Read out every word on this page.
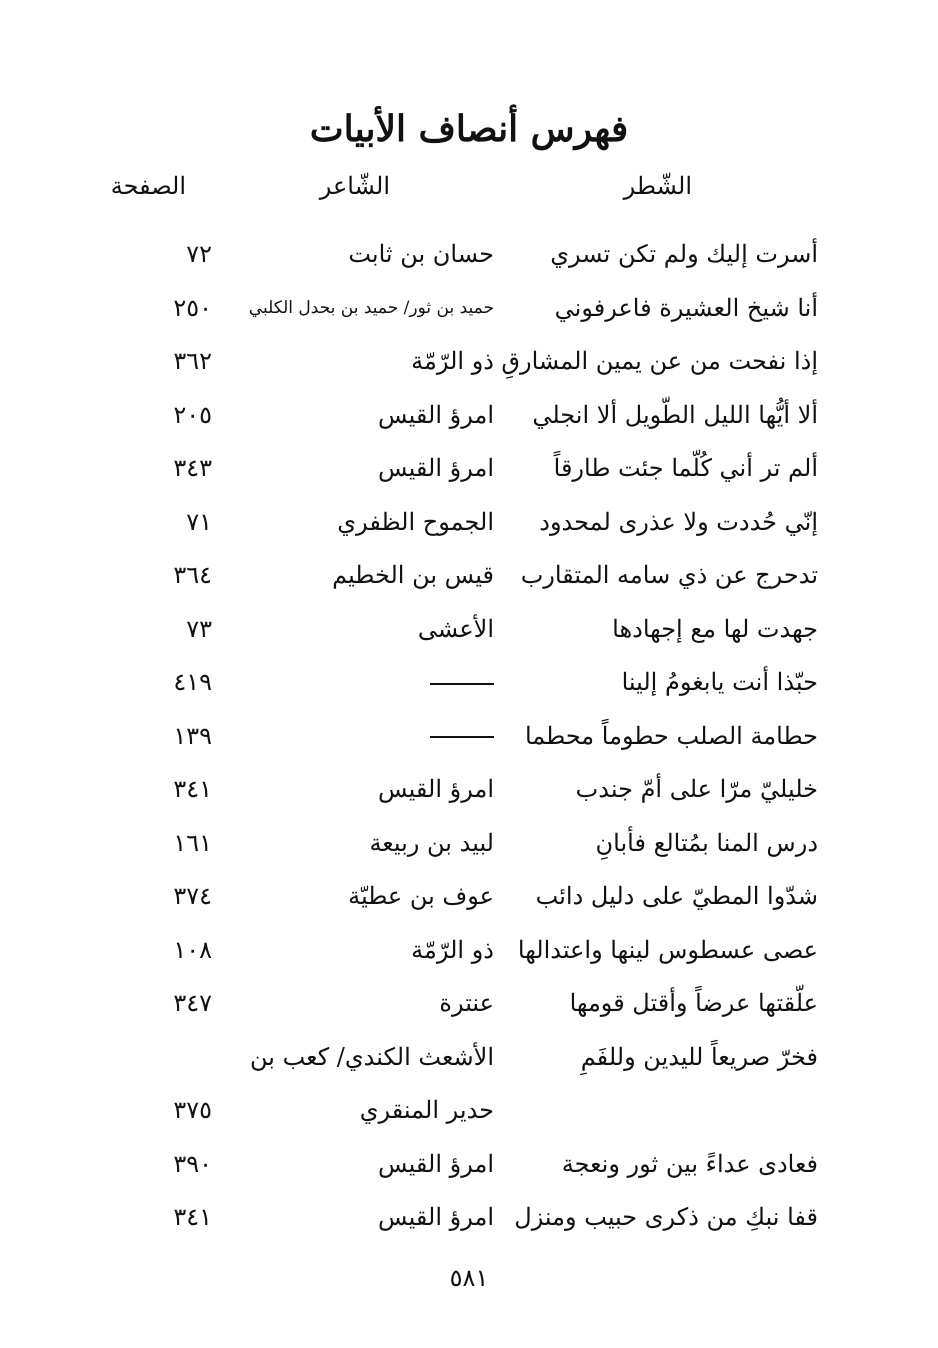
فهرس أنصاف الأبيات
الشّطر
الشّاعر
الصفحة
أسرت إليك ولم تكن تسري
حسان بن ثابت
٧٢
أنا شيخ العشيرة فاعرفوني
حميد بن ثور/ حميد بن بحدل الكلبي
٢٥٠
إذا نفحت من عن يمين المشارقِ
ذو الرّمّة
٣٦٢
ألا أيُّها الليل الطّويل ألا انجلي
امرؤ القيس
٢٠٥
ألم تر أني كُلّما جئت طارقاً
امرؤ القيس
٣٤٣
إنّي حُددت ولا عذرى لمحدود
الجموح الظفري
٧١
تدحرج عن ذي سامه المتقارب
قيس بن الخطيم
٣٦٤
جهدت لها مع إجهادها
الأعشى
٧٣
حبّذا أنت يابغومُ إلينا
٤١٩
حطامة الصلب حطوماً محطما
١٣٩
خليليّ مرّا على أمّ جندب
امرؤ القيس
٣٤١
درس المنا بمُتالع فأبانِ
لبيد بن ربيعة
١٦١
شدّوا المطيّ على دليل دائب
عوف بن عطيّة
٣٧٤
عصى عسطوس لينها واعتدالها
ذو الرّمّة
١٠٨
علّقتها عرضاً وأقتل قومها
عنترة
٣٤٧
فخرّ صريعاً لليدين وللفَمِ
الأشعث الكندي/ كعب بن
حدير المنقري
٣٧٥
فعادى عداءً بين ثور ونعجة
امرؤ القيس
٣٩٠
قفا نبكِ من ذكرى حبيب ومنزل
امرؤ القيس
٣٤١
٥٨١
